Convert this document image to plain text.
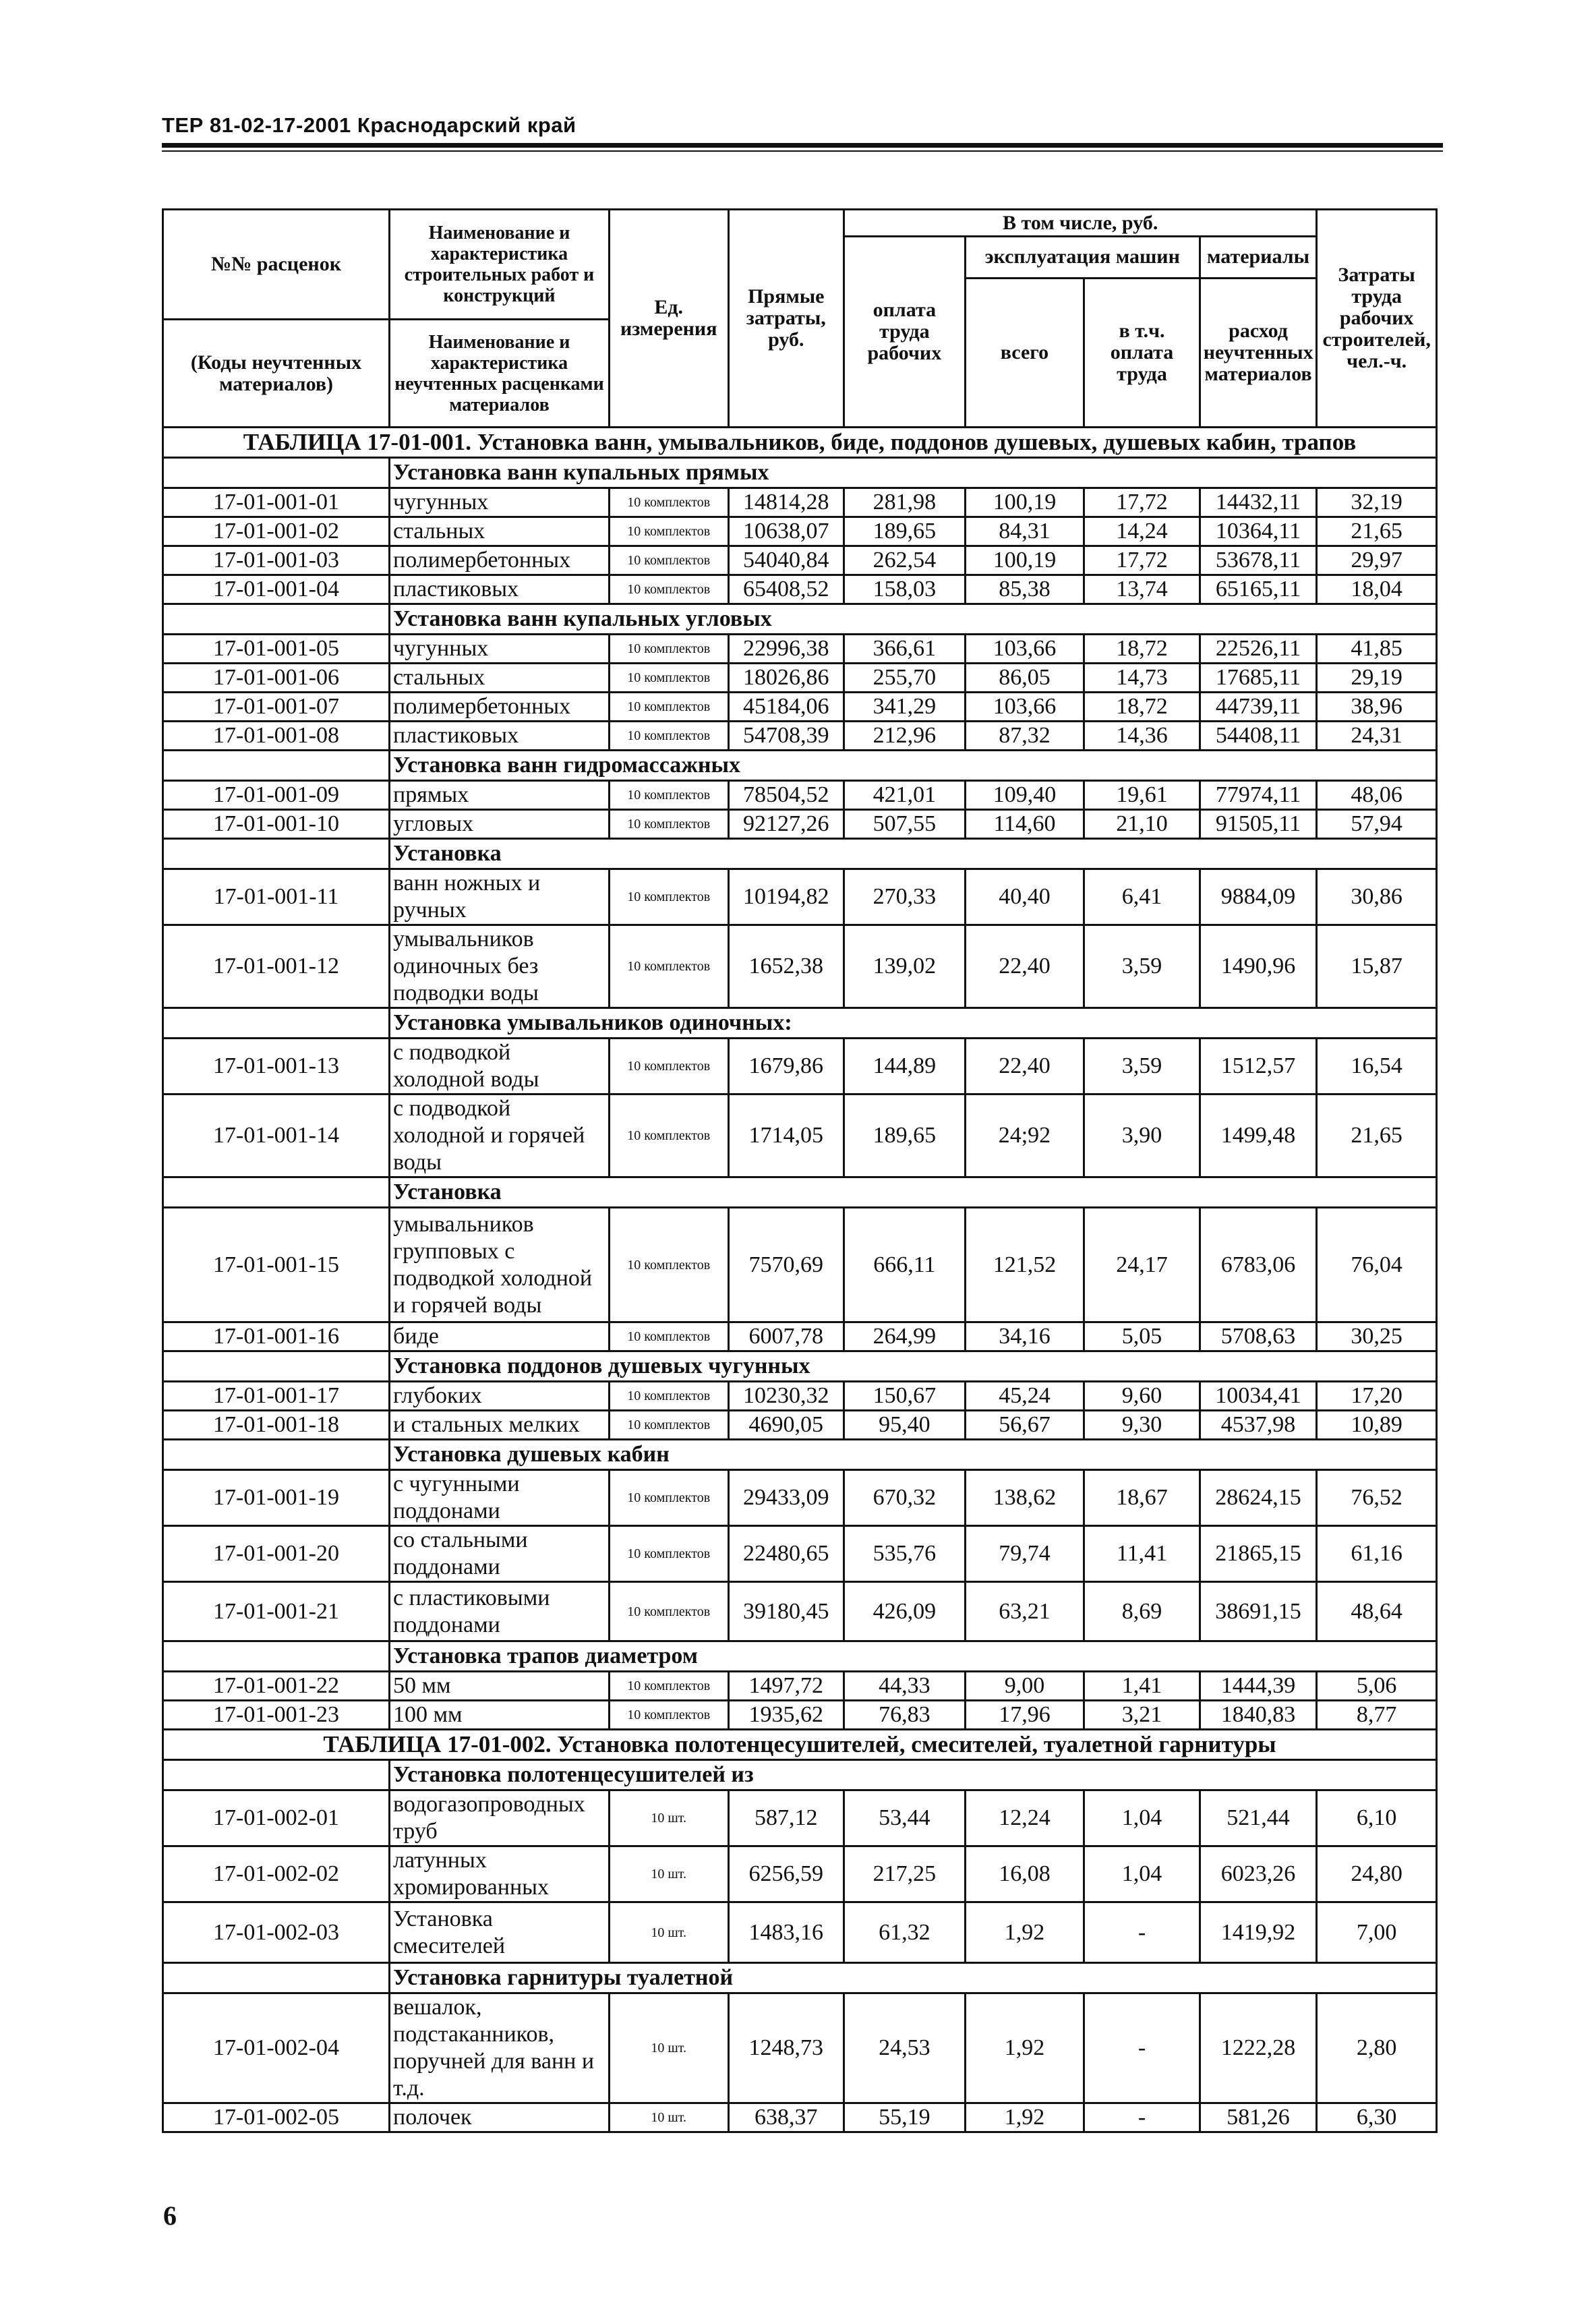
ТЕР 81-02-17-2001 Краснодарский край
№№ расценок	Наименование и характеристика строительных работ и конструкций	Ед. измерения	Прямые затраты, руб.	В том числе, руб.				Затраты труда рабочих строителей, чел.-ч.
				оплата труда рабочих	эксплуатация машин		материалы	
					всего	в т.ч. оплата труда	расход неучтенных материалов	
(Коды неучтенных материалов)	Наименование и характеристика неучтенных расценками материалов							
ТАБЛИЦА 17-01-001. Установка ванн, умывальников, биде, поддонов душевых, душевых кабин, трапов								
	Установка ванн купальных прямых							
17-01-001-01	чугунных	10 комплектов	14814,28	281,98	100,19	17,72	14432,11	32,19
17-01-001-02	стальных	10 комплектов	10638,07	189,65	84,31	14,24	10364,11	21,65
17-01-001-03	полимербетонных	10 комплектов	54040,84	262,54	100,19	17,72	53678,11	29,97
17-01-001-04	пластиковых	10 комплектов	65408,52	158,03	85,38	13,74	65165,11	18,04
	Установка ванн купальных угловых							
17-01-001-05	чугунных	10 комплектов	22996,38	366,61	103,66	18,72	22526,11	41,85
17-01-001-06	стальных	10 комплектов	18026,86	255,70	86,05	14,73	17685,11	29,19
17-01-001-07	полимербетонных	10 комплектов	45184,06	341,29	103,66	18,72	44739,11	38,96
17-01-001-08	пластиковых	10 комплектов	54708,39	212,96	87,32	14,36	54408,11	24,31
	Установка ванн гидромассажных							
17-01-001-09	прямых	10 комплектов	78504,52	421,01	109,40	19,61	77974,11	48,06
17-01-001-10	угловых	10 комплектов	92127,26	507,55	114,60	21,10	91505,11	57,94
	Установка							
17-01-001-11	ванн ножных и ручных	10 комплектов	10194,82	270,33	40,40	6,41	9884,09	30,86
17-01-001-12	умывальников одиночных без подводки воды	10 комплектов	1652,38	139,02	22,40	3,59	1490,96	15,87
	Установка умывальников одиночных:							
17-01-001-13	с подводкой холодной воды	10 комплектов	1679,86	144,89	22,40	3,59	1512,57	16,54
17-01-001-14	с подводкой холодной и горячей воды	10 комплектов	1714,05	189,65	24;92	3,90	1499,48	21,65
	Установка							
17-01-001-15	умывальников групповых с подводкой холодной и горячей воды	10 комплектов	7570,69	666,11	121,52	24,17	6783,06	76,04
17-01-001-16	биде	10 комплектов	6007,78	264,99	34,16	5,05	5708,63	30,25
	Установка поддонов душевых чугунных							
17-01-001-17	глубоких	10 комплектов	10230,32	150,67	45,24	9,60	10034,41	17,20
17-01-001-18	и стальных мелких	10 комплектов	4690,05	95,40	56,67	9,30	4537,98	10,89
	Установка душевых кабин							
17-01-001-19	с чугунными поддонами	10 комплектов	29433,09	670,32	138,62	18,67	28624,15	76,52
17-01-001-20	со стальными поддонами	10 комплектов	22480,65	535,76	79,74	11,41	21865,15	61,16
17-01-001-21	с пластиковыми поддонами	10 комплектов	39180,45	426,09	63,21	8,69	38691,15	48,64
	Установка трапов диаметром							
17-01-001-22	50 мм	10 комплектов	1497,72	44,33	9,00	1,41	1444,39	5,06
17-01-001-23	100 мм	10 комплектов	1935,62	76,83	17,96	3,21	1840,83	8,77
ТАБЛИЦА 17-01-002. Установка полотенцесушителей, смесителей, туалетной гарнитуры								
	Установка полотенцесушителей из							
17-01-002-01	водогазопроводных труб	10 шт.	587,12	53,44	12,24	1,04	521,44	6,10
17-01-002-02	латунных хромированных	10 шт.	6256,59	217,25	16,08	1,04	6023,26	24,80
17-01-002-03	Установка смесителей	10 шт.	1483,16	61,32	1,92	-	1419,92	7,00
	Установка гарнитуры туалетной							
17-01-002-04	вешалок, подстаканников, поручней для ванн и т.д.	10 шт.	1248,73	24,53	1,92	-	1222,28	2,80
17-01-002-05	полочек	10 шт.	638,37	55,19	1,92	-	581,26	6,30
6
